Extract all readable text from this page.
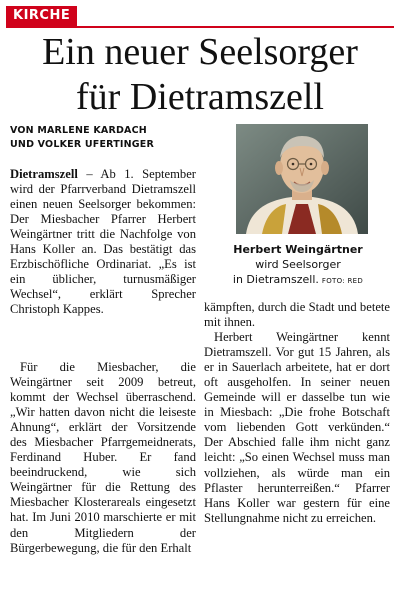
KIRCHE
Ein neuer Seelsorger
für Dietramszell
VON MARLENE KARDACH
UND VOLKER UFERTINGER
Herbert Weingärtner
wird Seelsorger
in Dietramszell. FOTO: RED

Dietramszell – Ab 1. September wird der Pfarrverband Dietramszell einen neuen Seelsorger bekommen: Der Miesbacher Pfarrer Herbert Weingärtner tritt die Nachfolge von Hans Koller an. Das bestätigt das Erzbischöfliche Ordinariat. „Es ist ein üblicher, turnusmäßiger Wechsel“, erklärt Sprecher Christoph Kappes.

Für die Miesbacher, die Weingärtner seit 2009 betreut, kommt der Wechsel überraschend. „Wir hatten davon nicht die leiseste Ahnung“, erklärt der Vorsitzende des Miesbacher Pfarrgemeidnerats, Ferdinand Huber. Er fand beeindruckend, wie sich Weingärtner für die Rettung des Miesbacher Klosterareals eingesetzt hat. Im Juni 2010 marschierte er mit den Mitgliedern der Bürgerbewegung, die für den Erhalt

kämpften, durch die Stadt und betete mit ihnen.

Herbert Weingärtner kennt Dietramszell. Vor gut 15 Jahren, als er in Sauerlach arbeitete, hat er dort oft ausgeholfen. In seiner neuen Gemeinde will er dasselbe tun wie in Miesbach: „Die frohe Botschaft vom liebenden Gott verkünden.“ Der Abschied falle ihm nicht ganz leicht: „So einen Wechsel muss man vollziehen, als würde man ein Pflaster herunterreißen.“ Pfarrer Hans Koller war gestern für eine Stellungnahme nicht zu erreichen.
